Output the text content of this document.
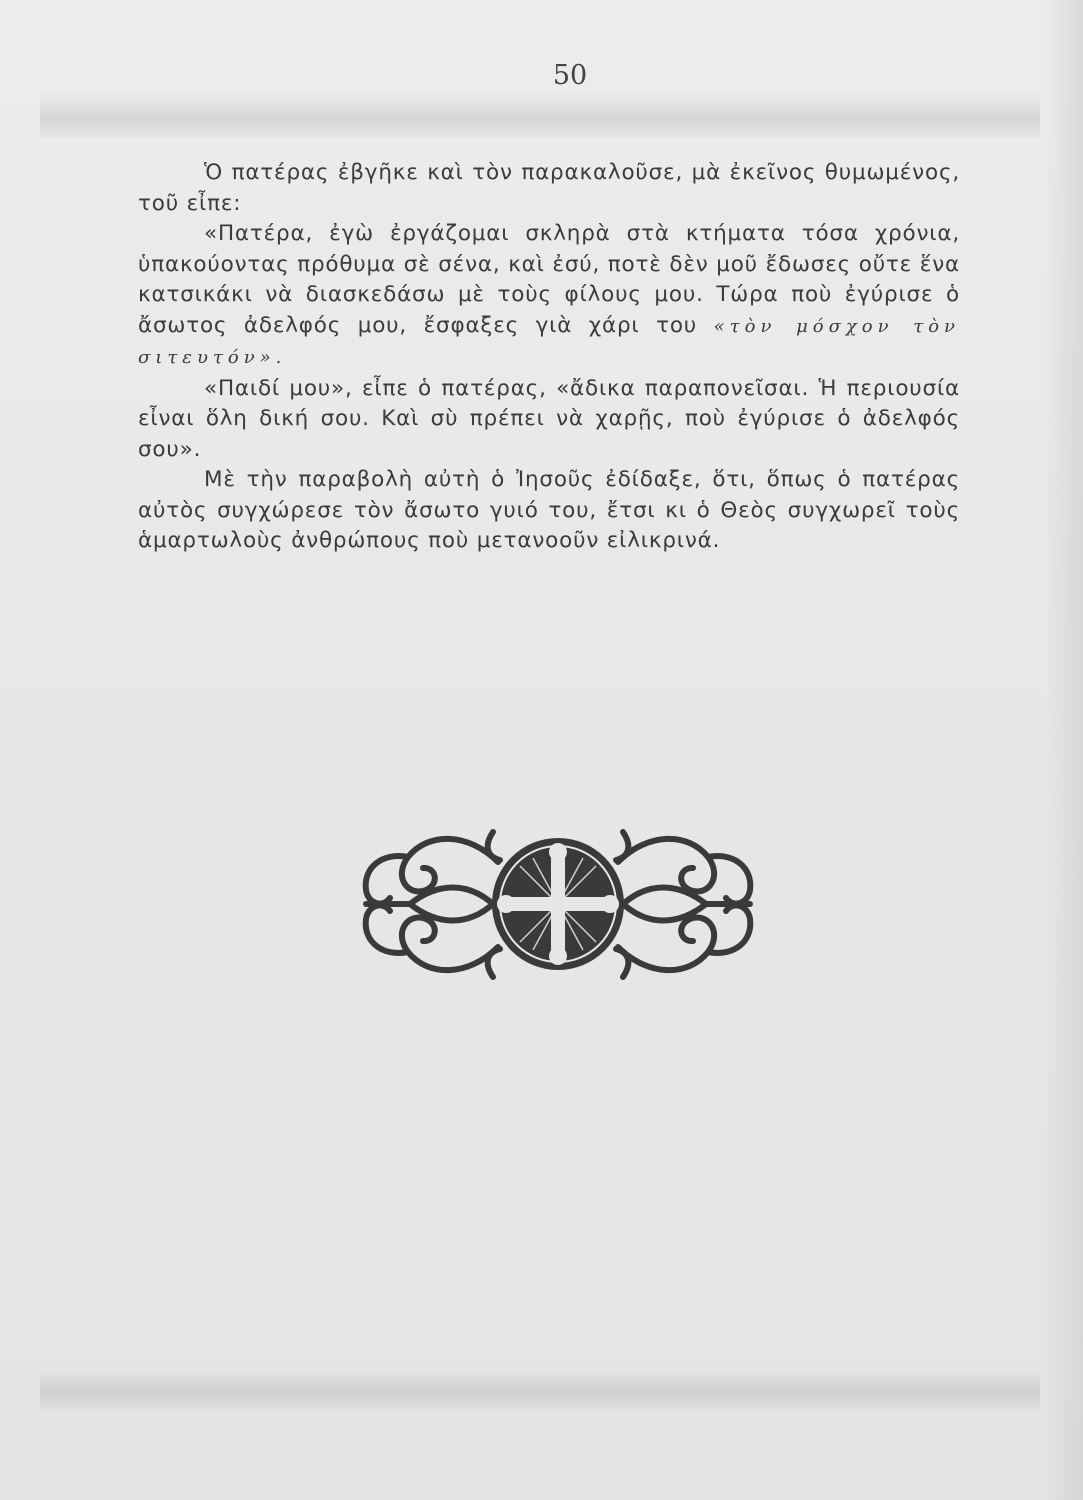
50

Ὁ πατέρας ἐβγῆκε καὶ τὸν παρακαλοῦσε, μὰ ἐκεῖνος θυμωμένος, τοῦ εἶπε:

«Πατέρα, ἐγὼ ἐργάζομαι σκληρὰ στὰ κτήματα τόσα χρόνια, ὑπακούοντας πρόθυμα σὲ σένα, καὶ ἐσύ, ποτὲ δὲν μοῦ ἔδωσες οὔτε ἕνα κατσικάκι νὰ διασκεδάσω μὲ τοὺς φίλους μου. Τώρα ποὺ ἐγύρισε ὁ ἄσωτος ἀδελφός μου, ἔσφαξες γιὰ χάρι του «τὸν μόσχον τὸν σιτευτόν».

«Παιδί μου», εἶπε ὁ πατέρας, «ἄδικα παραπονεῖσαι. Ἡ περιουσία εἶναι ὅλη δική σου. Καὶ σὺ πρέπει νὰ χαρῇς, ποὺ ἐγύρισε ὁ ἀδελφός σου».

Μὲ τὴν παραβολὴ αὐτὴ ὁ Ἰησοῦς ἐδίδαξε, ὅτι, ὅπως ὁ πατέρας αὐτὸς συγχώρεσε τὸν ἄσωτο γυιό του, ἔτσι κι ὁ Θεὸς συγχωρεῖ τοὺς ἁμαρτωλοὺς ἀνθρώπους ποὺ μετανοοῦν εἰλικρινά.
